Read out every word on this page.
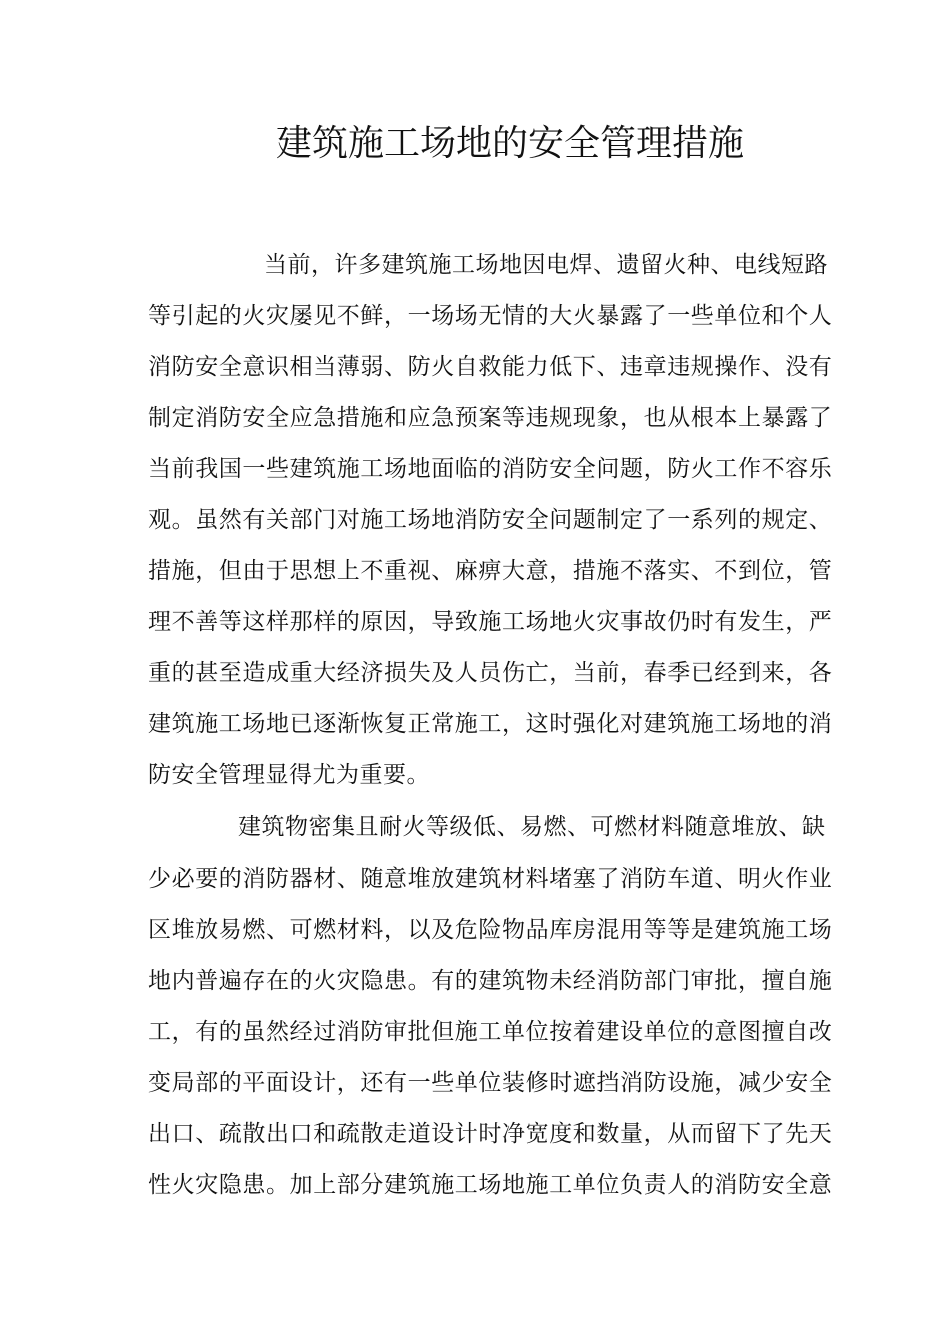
建筑施工场地的安全管理措施
当前，许多建筑施工场地因电焊、遗留火种、电线短路
等引起的火灾屡见不鲜，一场场无情的大火暴露了一些单位和个人
消防安全意识相当薄弱、防火自救能力低下、违章违规操作、没有
制定消防安全应急措施和应急预案等违规现象，也从根本上暴露了
当前我国一些建筑施工场地面临的消防安全问题，防火工作不容乐
观。虽然有关部门对施工场地消防安全问题制定了一系列的规定、
措施，但由于思想上不重视、麻痹大意，措施不落实、不到位，管
理不善等这样那样的原因，导致施工场地火灾事故仍时有发生，严
重的甚至造成重大经济损失及人员伤亡，当前，春季已经到来，各
建筑施工场地已逐渐恢复正常施工，这时强化对建筑施工场地的消
防安全管理显得尤为重要。
建筑物密集且耐火等级低、易燃、可燃材料随意堆放、缺
少必要的消防器材、随意堆放建筑材料堵塞了消防车道、明火作业
区堆放易燃、可燃材料，以及危险物品库房混用等等是建筑施工场
地内普遍存在的火灾隐患。有的建筑物未经消防部门审批，擅自施
工，有的虽然经过消防审批但施工单位按着建设单位的意图擅自改
变局部的平面设计，还有一些单位装修时遮挡消防设施，减少安全
出口、疏散出口和疏散走道设计时净宽度和数量，从而留下了先天
性火灾隐患。加上部分建筑施工场地施工单位负责人的消防安全意
